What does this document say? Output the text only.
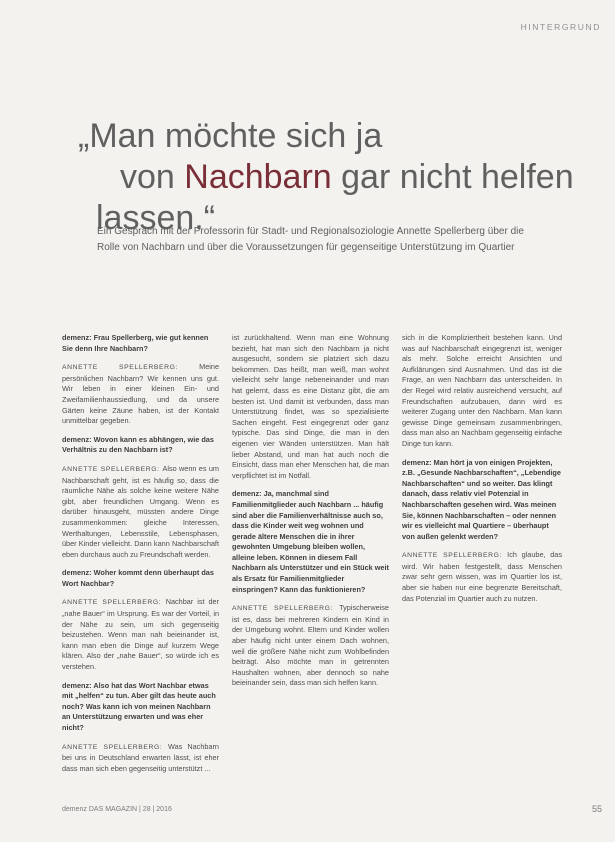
HINTERGRUND
„Man möchte sich ja
von Nachbarn gar nicht helfen
lassen.“
Ein Gespräch mit der Professorin für Stadt- und Regionalsoziologie Annette Spellerberg über die Rolle von Nachbarn und über die Voraussetzungen für gegenseitige Unterstützung im Quartier

demenz: Frau Spellerberg, wie gut kennen Sie denn Ihre Nachbarn?

ANNETTE SPELLERBERG: Meine persönlichen Nachbarn? Wir kennen uns gut. Wir leben in einer kleinen Ein- und Zweifamilienhaussiedlung, und da unsere Gärten keine Zäune haben, ist der Kontakt unmittelbar gegeben.

demenz: Wovon kann es abhängen, wie das Verhältnis zu den Nachbarn ist?

ANNETTE SPELLERBERG: Also wenn es um Nachbarschaft geht, ist es häufig so, dass die räumliche Nähe als solche keine weitere Nähe gibt, aber freundlichen Umgang. Wenn es darüber hinausgeht, müssten andere Dinge zusammenkommen: gleiche Interessen, Werthaltungen, Lebensstile, Lebensphasen, über Kinder vielleicht. Dann kann Nachbarschaft eben durchaus auch zu Freundschaft werden.

demenz: Woher kommt denn überhaupt das Wort Nachbar?

ANNETTE SPELLERBERG: Nachbar ist der „nahe Bauer“ im Ursprung. Es war der Vorteil, in der Nähe zu sein, um sich gegenseitig beizustehen. Wenn man nah beieinander ist, kann man eben die Dinge auf kurzem Wege klären. Also der „nahe Bauer“, so würde ich es verstehen.

demenz: Also hat das Wort Nachbar etwas mit „helfen“ zu tun. Aber gilt das heute auch noch? Was kann ich von meinen Nachbarn an Unterstützung erwarten und was eher nicht?

ANNETTE SPELLERBERG: Was Nachbarn bei uns in Deutschland erwarten lässt, ist eher dass man sich eben gegenseitig unterstützt ...

ist zurückhaltend. Wenn man eine Wohnung bezieht, hat man sich den Nachbarn ja nicht ausgesucht, sondern sie platziert sich dazu bekommen. Das heißt, man weiß, man wohnt vielleicht sehr lange nebeneinander und man hat gelernt, dass es eine Distanz gibt, die am besten ist. Und damit ist verbunden, dass man Unterstützung findet, was so spezialisierte Sachen eingeht. Fest eingegrenzt oder ganz typische. Das sind Dinge, die man in den eigenen vier Wänden unterstützen. Man hält lieber Abstand, und man hat auch noch die Einsicht, dass man eher Menschen hat, die man verpflichtet ist im Notfall.

demenz: Ja, manchmal sind Familienmitglieder auch Nachbarn ... häufig sind aber die Familienverhältnisse auch so, dass die Kinder weit weg wohnen und gerade ältere Menschen die in ihrer gewohnten Umgebung bleiben wollen, alleine leben. Können in diesem Fall Nachbarn als Unterstützer und ein Stück weit als Ersatz für Familienmitglieder einspringen? Kann das funktionieren?

ANNETTE SPELLERBERG: Typischerweise ist es, dass bei mehreren Kindern ein Kind in der Umgebung wohnt. Eltern und Kinder wollen aber häufig nicht unter einem Dach wohnen, weil die größere Nähe nicht zum Wohlbefinden beiträgt. Also möchte man in getrennten Haushalten wohnen, aber dennoch so nahe beieinander sein, dass man sich helfen kann.

sich in die Kompliziertheit bestehen kann. Und was auf Nachbarschaft eingegrenzt ist, weniger als mehr. Solche erreicht Ansichten und Aufklärungen sind Ausnahmen. Und das ist die Frage, an wen Nachbarn das unterscheiden. In der Regel wird relativ ausreichend versucht, auf Freundschaften aufzubauen, dann wird es weiterer Zugang unter den Nachbarn. Man kann gewisse Dinge gemeinsam zusammenbringen, dass man also an Nachbarn gegenseitig einfache Dinge tun kann.

demenz: Man hört ja von einigen Projekten, z.B. „Gesunde Nachbarschaften“, „Lebendige Nachbarschaften“ und so weiter. Das klingt danach, dass relativ viel Potenzial in Nachbarschaften gesehen wird. Was meinen Sie, können Nachbarschaften – oder nennen wir es vielleicht mal Quartiere – überhaupt von außen gelenkt werden?

ANNETTE SPELLERBERG: Ich glaube, das wird. Wir haben festgestellt, dass Menschen zwar sehr gern wissen, was im Quartier los ist, aber sie haben nur eine begrenzte Bereitschaft, das Potenzial im Quartier auch zu nutzen.

demenz DAS MAGAZIN | 28 | 2016	55
